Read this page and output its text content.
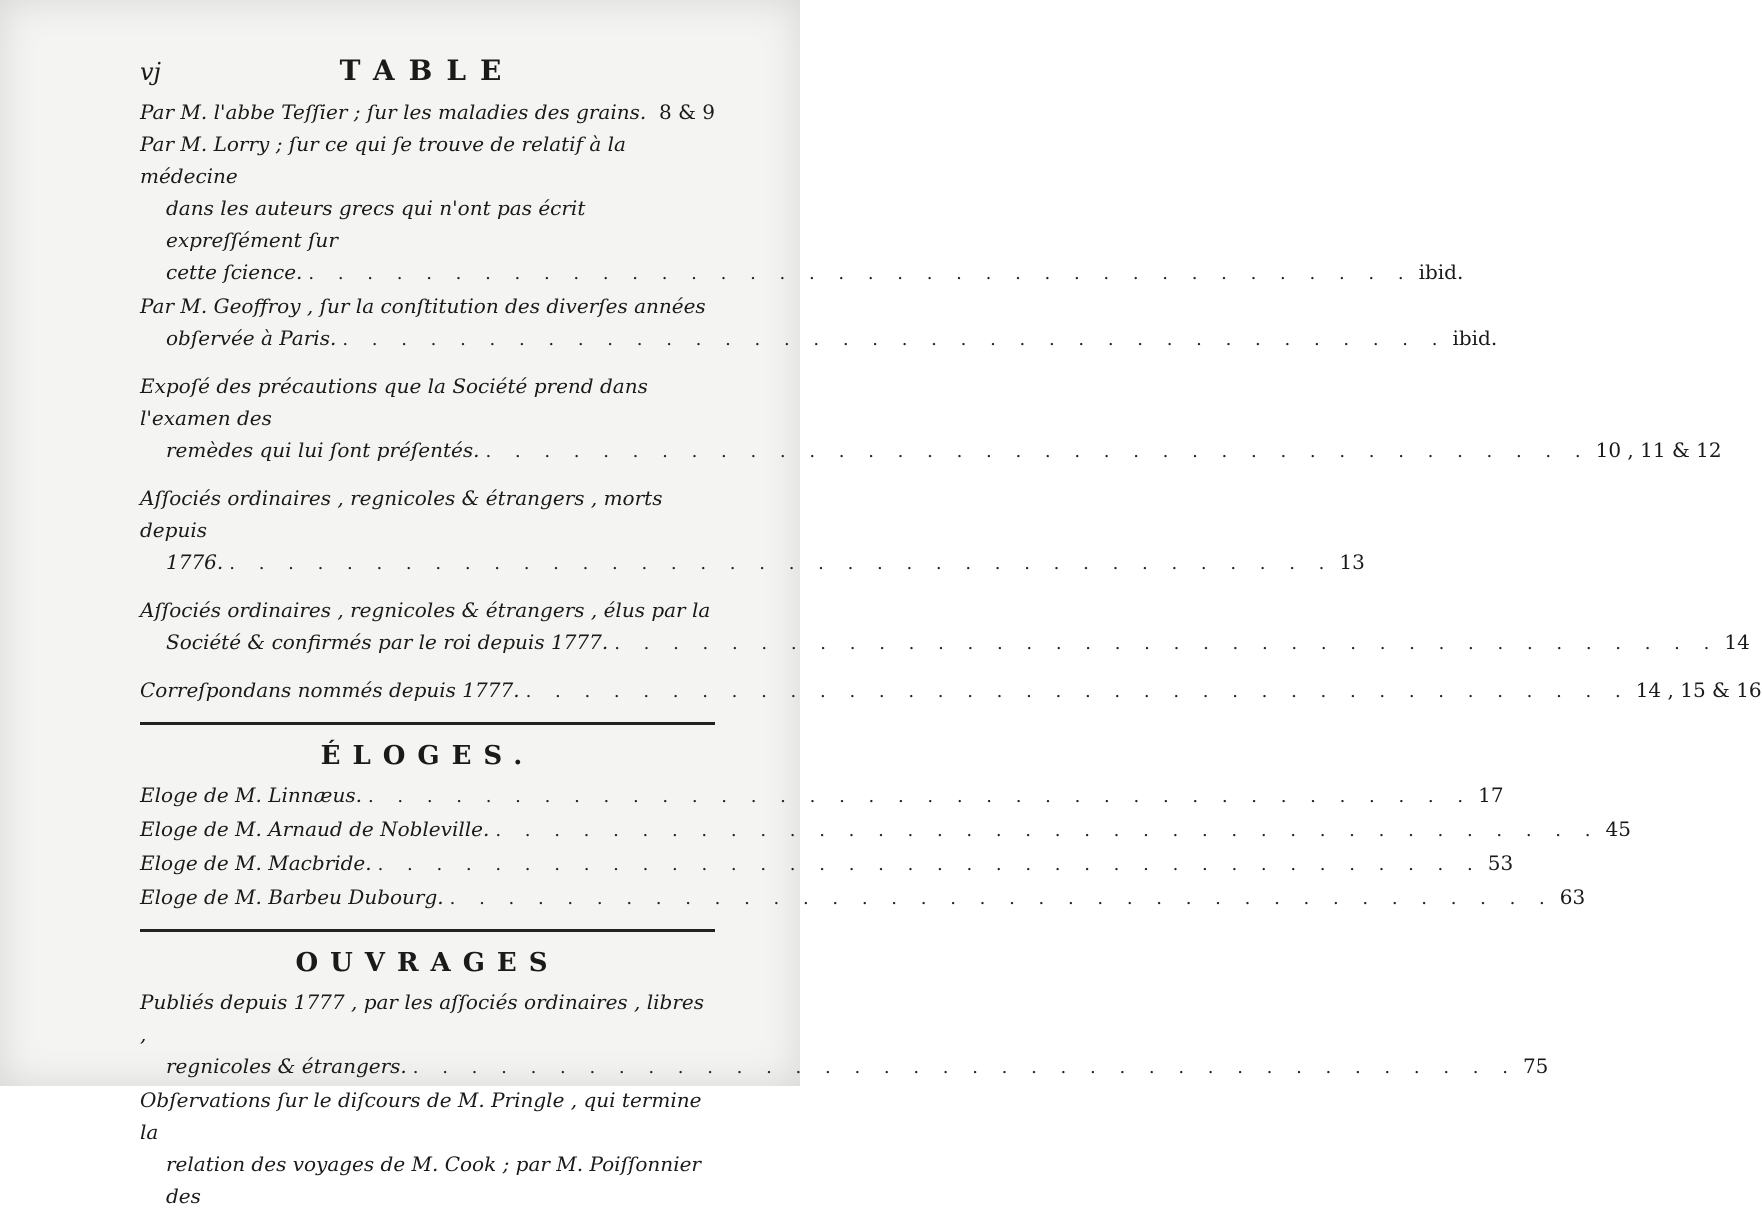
vj	TABLE
Par M. l'abbe Teſſier ; ſur les maladies des grains. 8 & 9
Par M. Lorry ; ſur ce qui ſe trouve de relatif à la médecine
dans les auteurs grecs qui n'ont pas écrit expreſſément ſur
cette ſcience. . . . . . . . . . . . . . . . . . . . . . . . . . . . . . . . . . . . . . . ibid.
Par M. Geoffroy , ſur la conſtitution des diverſes années
obſervée à Paris. . . . . . . . . . . . . . . . . . . . . . . . . . . . . . . . . . . . . . . ibid.
Expoſé des précautions que la Société prend dans l'examen des
remèdes qui lui ſont préſentés. . . . . . . . . . . . . . . . . . . . . . . . . . . . . . . . . . . . . . . 10 , 11 & 12
Aſſociés ordinaires , regnicoles & étrangers , morts depuis
1776. . . . . . . . . . . . . . . . . . . . . . . . . . . . . . . . . . . . . . . 13
Aſſociés ordinaires , regnicoles & étrangers , élus par la
Société & confirmés par le roi depuis 1777. . . . . . . . . . . . . . . . . . . . . . . . . . . . . . . . . . . . . . . 14
Correſpondans nommés depuis 1777. . . . . . . . . . . . . . . . . . . . . . . . . . . . . . . . . . . . . . . 14 , 15 & 16
ÉLOGES.
Eloge de M. Linnæus. . . . . . . . . . . . . . . . . . . . . . . . . . . . . . . . . . . . . . . 17
Eloge de M. Arnaud de Nobleville. . . . . . . . . . . . . . . . . . . . . . . . . . . . . . . . . . . . . . . 45
Eloge de M. Macbride. . . . . . . . . . . . . . . . . . . . . . . . . . . . . . . . . . . . . . . 53
Eloge de M. Barbeu Dubourg. . . . . . . . . . . . . . . . . . . . . . . . . . . . . . . . . . . . . . . 63
OUVRAGES
Publiés depuis 1777 , par les aſſociés ordinaires , libres ,
regnicoles & étrangers. . . . . . . . . . . . . . . . . . . . . . . . . . . . . . . . . . . . . . . 75
Obſervations ſur le diſcours de M. Pringle , qui termine la
relation des voyages de M. Cook ; par M. Poiſſonnier des
